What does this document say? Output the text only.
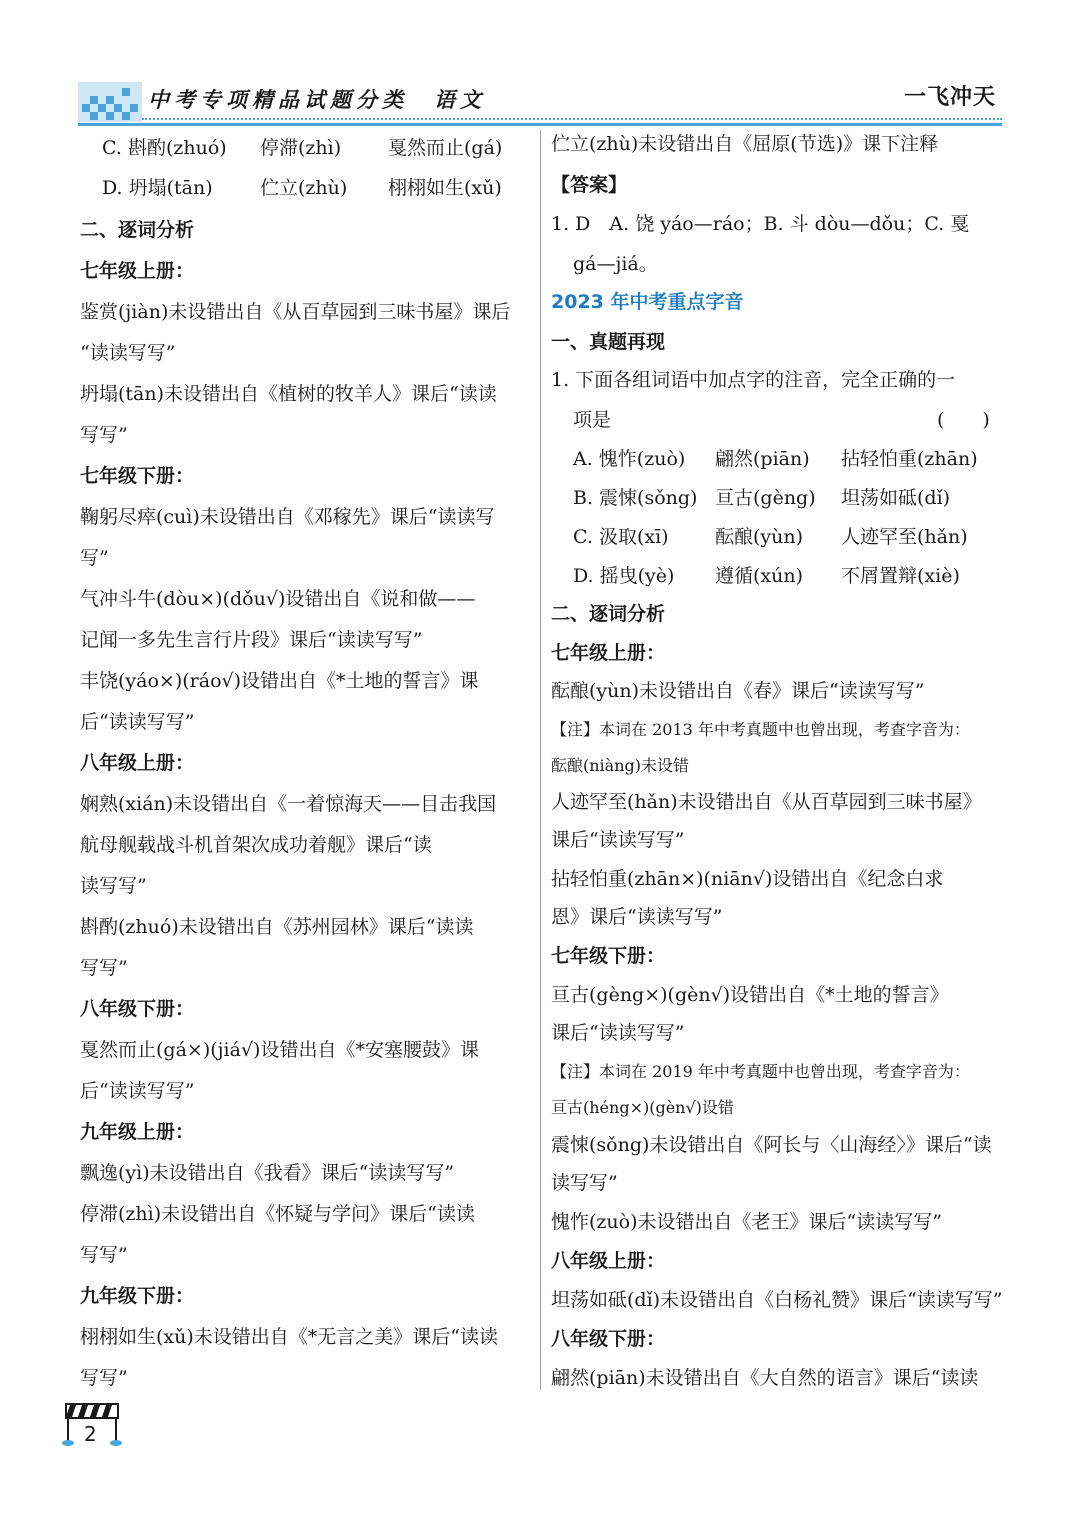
中考专项精品试题分类　语文	一飞冲天
C. 斟酌(zhuó) 停滞(zhì) 戛然而止(gá)
D. 坍塌(tān) 伫立(zhù) 栩栩如生(xǔ)
二、逐词分析
七年级上册：
鉴赏(jiàn)未设错出自《从百草园到三味书屋》课后
“读读写写”
坍塌(tān)未设错出自《植树的牧羊人》课后“读读
写写”
七年级下册：
鞠躬尽瘁(cuì)未设错出自《邓稼先》课后“读读写
写”
气冲斗牛(dòu×)(dǒu√)设错出自《说和做——
记闻一多先生言行片段》课后“读读写写”
丰饶(yáo×)(ráo√)设错出自《*土地的誓言》课
后“读读写写”
八年级上册：
娴熟(xián)未设错出自《一着惊海天——目击我国
航母舰载战斗机首架次成功着舰》课后“读
读写写”
斟酌(zhuó)未设错出自《苏州园林》课后“读读
写写”
八年级下册：
戛然而止(gá×)(jiá√)设错出自《*安塞腰鼓》课
后“读读写写”
九年级上册：
飘逸(yì)未设错出自《我看》课后“读读写写”
停滞(zhì)未设错出自《怀疑与学问》课后“读读
写写”
九年级下册：
栩栩如生(xǔ)未设错出自《*无言之美》课后“读读
写写”
伫立(zhù)未设错出自《屈原(节选)》课下注释
【答案】
1. D　A. 饶 yáo—ráo；B. 斗 dòu—dǒu；C. 戛
gá—jiá。
2023 年中考重点字音
一、真题再现
1. 下面各组词语中加点字的注音，完全正确的一
项是	(　　)
A. 愧怍(zuò) 翩然(piān) 拈轻怕重(zhān)
B. 震悚(sǒng) 亘古(gèng) 坦荡如砥(dǐ)
C. 汲取(xī) 酝酿(yùn) 人迹罕至(hǎn)
D. 摇曳(yè) 遵循(xún) 不屑置辩(xiè)
二、逐词分析
七年级上册：
酝酿(yùn)未设错出自《春》课后“读读写写”
【注】本词在 2013 年中考真题中也曾出现，考查字音为：
酝酿(niàng)未设错
人迹罕至(hǎn)未设错出自《从百草园到三味书屋》
课后“读读写写”
拈轻怕重(zhān×)(niān√)设错出自《纪念白求
恩》课后“读读写写”
七年级下册：
亘古(gèng×)(gèn√)设错出自《*土地的誓言》
课后“读读写写”
【注】本词在 2019 年中考真题中也曾出现，考查字音为：
亘古(héng×)(gèn√)设错
震悚(sǒng)未设错出自《阿长与〈山海经〉》课后“读
读写写”
愧怍(zuò)未设错出自《老王》课后“读读写写”
八年级上册：
坦荡如砥(dǐ)未设错出自《白杨礼赞》课后“读读写写”
八年级下册：
翩然(piān)未设错出自《大自然的语言》课后“读读
2
